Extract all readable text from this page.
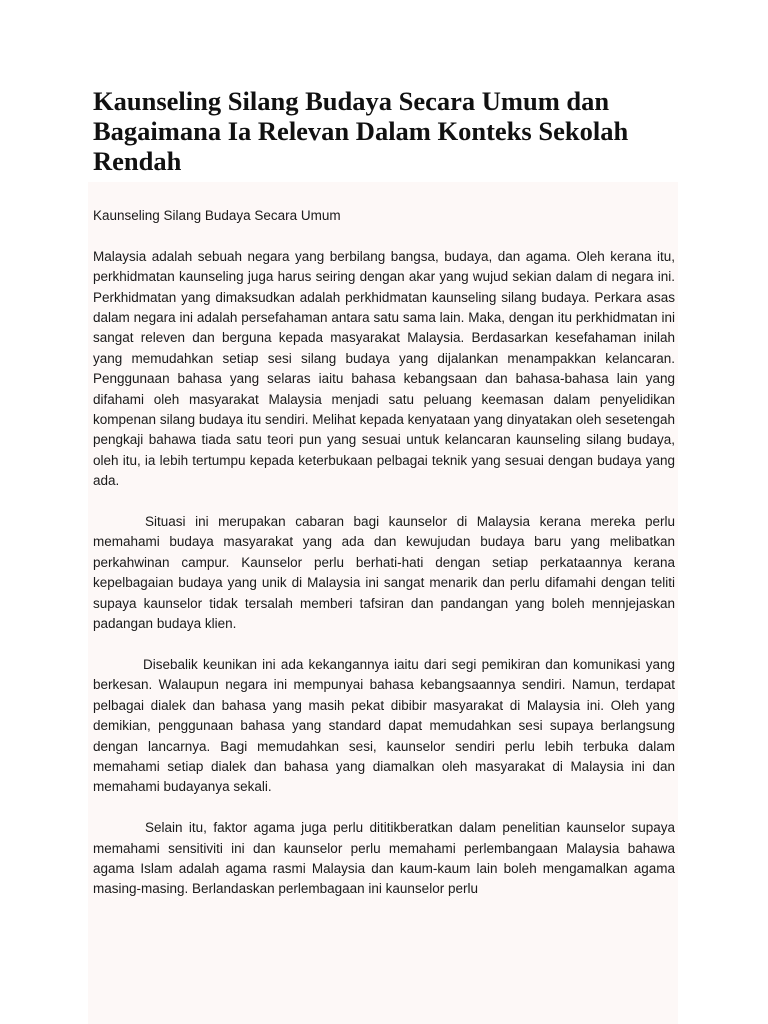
Kaunseling Silang Budaya Secara Umum dan Bagaimana Ia Relevan Dalam Konteks Sekolah Rendah
Kaunseling Silang Budaya Secara Umum

Malaysia adalah sebuah negara yang berbilang bangsa, budaya, dan agama. Oleh kerana itu, perkhidmatan kaunseling juga harus seiring dengan akar yang wujud sekian dalam di negara ini. Perkhidmatan yang dimaksudkan adalah perkhidmatan kaunseling silang budaya. Perkara asas dalam negara ini adalah persefahaman antara satu sama lain. Maka, dengan itu perkhidmatan ini sangat releven dan berguna kepada masyarakat Malaysia. Berdasarkan kesefahaman inilah yang memudahkan setiap sesi silang budaya yang dijalankan menampakkan kelancaran. Penggunaan bahasa yang selaras iaitu bahasa kebangsaan dan bahasa-bahasa lain yang difahami oleh masyarakat Malaysia menjadi satu peluang keemasan dalam penyelidikan kompenan silang budaya itu sendiri. Melihat kepada kenyataan yang dinyatakan oleh sesetengah pengkaji bahawa tiada satu teori pun yang sesuai untuk kelancaran kaunseling silang budaya, oleh itu, ia lebih tertumpu kepada keterbukaan pelbagai teknik yang sesuai dengan budaya yang ada.

Situasi ini merupakan cabaran bagi kaunselor di Malaysia kerana mereka perlu memahami budaya masyarakat yang ada dan kewujudan budaya baru yang melibatkan perkahwinan campur. Kaunselor perlu berhati-hati dengan setiap perkataannya kerana kepelbagaian budaya yang unik di Malaysia ini sangat menarik dan perlu difamahi dengan teliti supaya kaunselor tidak tersalah memberi tafsiran dan pandangan yang boleh mennjejaskan padangan budaya klien.

Disebalik keunikan ini ada kekangannya iaitu dari segi pemikiran dan komunikasi yang berkesan. Walaupun negara ini mempunyai bahasa kebangsaannya sendiri. Namun, terdapat pelbagai dialek dan bahasa yang masih pekat dibibir masyarakat di Malaysia ini. Oleh yang demikian, penggunaan bahasa yang standard dapat memudahkan sesi supaya berlangsung dengan lancarnya. Bagi memudahkan sesi, kaunselor sendiri perlu lebih terbuka dalam memahami setiap dialek dan bahasa yang diamalkan oleh masyarakat di Malaysia ini dan memahami budayanya sekali.

Selain itu, faktor agama juga perlu dititikberatkan dalam penelitian kaunselor supaya memahami sensitiviti ini dan kaunselor perlu memahami perlembangaan Malaysia bahawa agama Islam adalah agama rasmi Malaysia dan kaum-kaum lain boleh mengamalkan agama masing-masing. Berlandaskan perlembagaan ini kaunselor perlu
